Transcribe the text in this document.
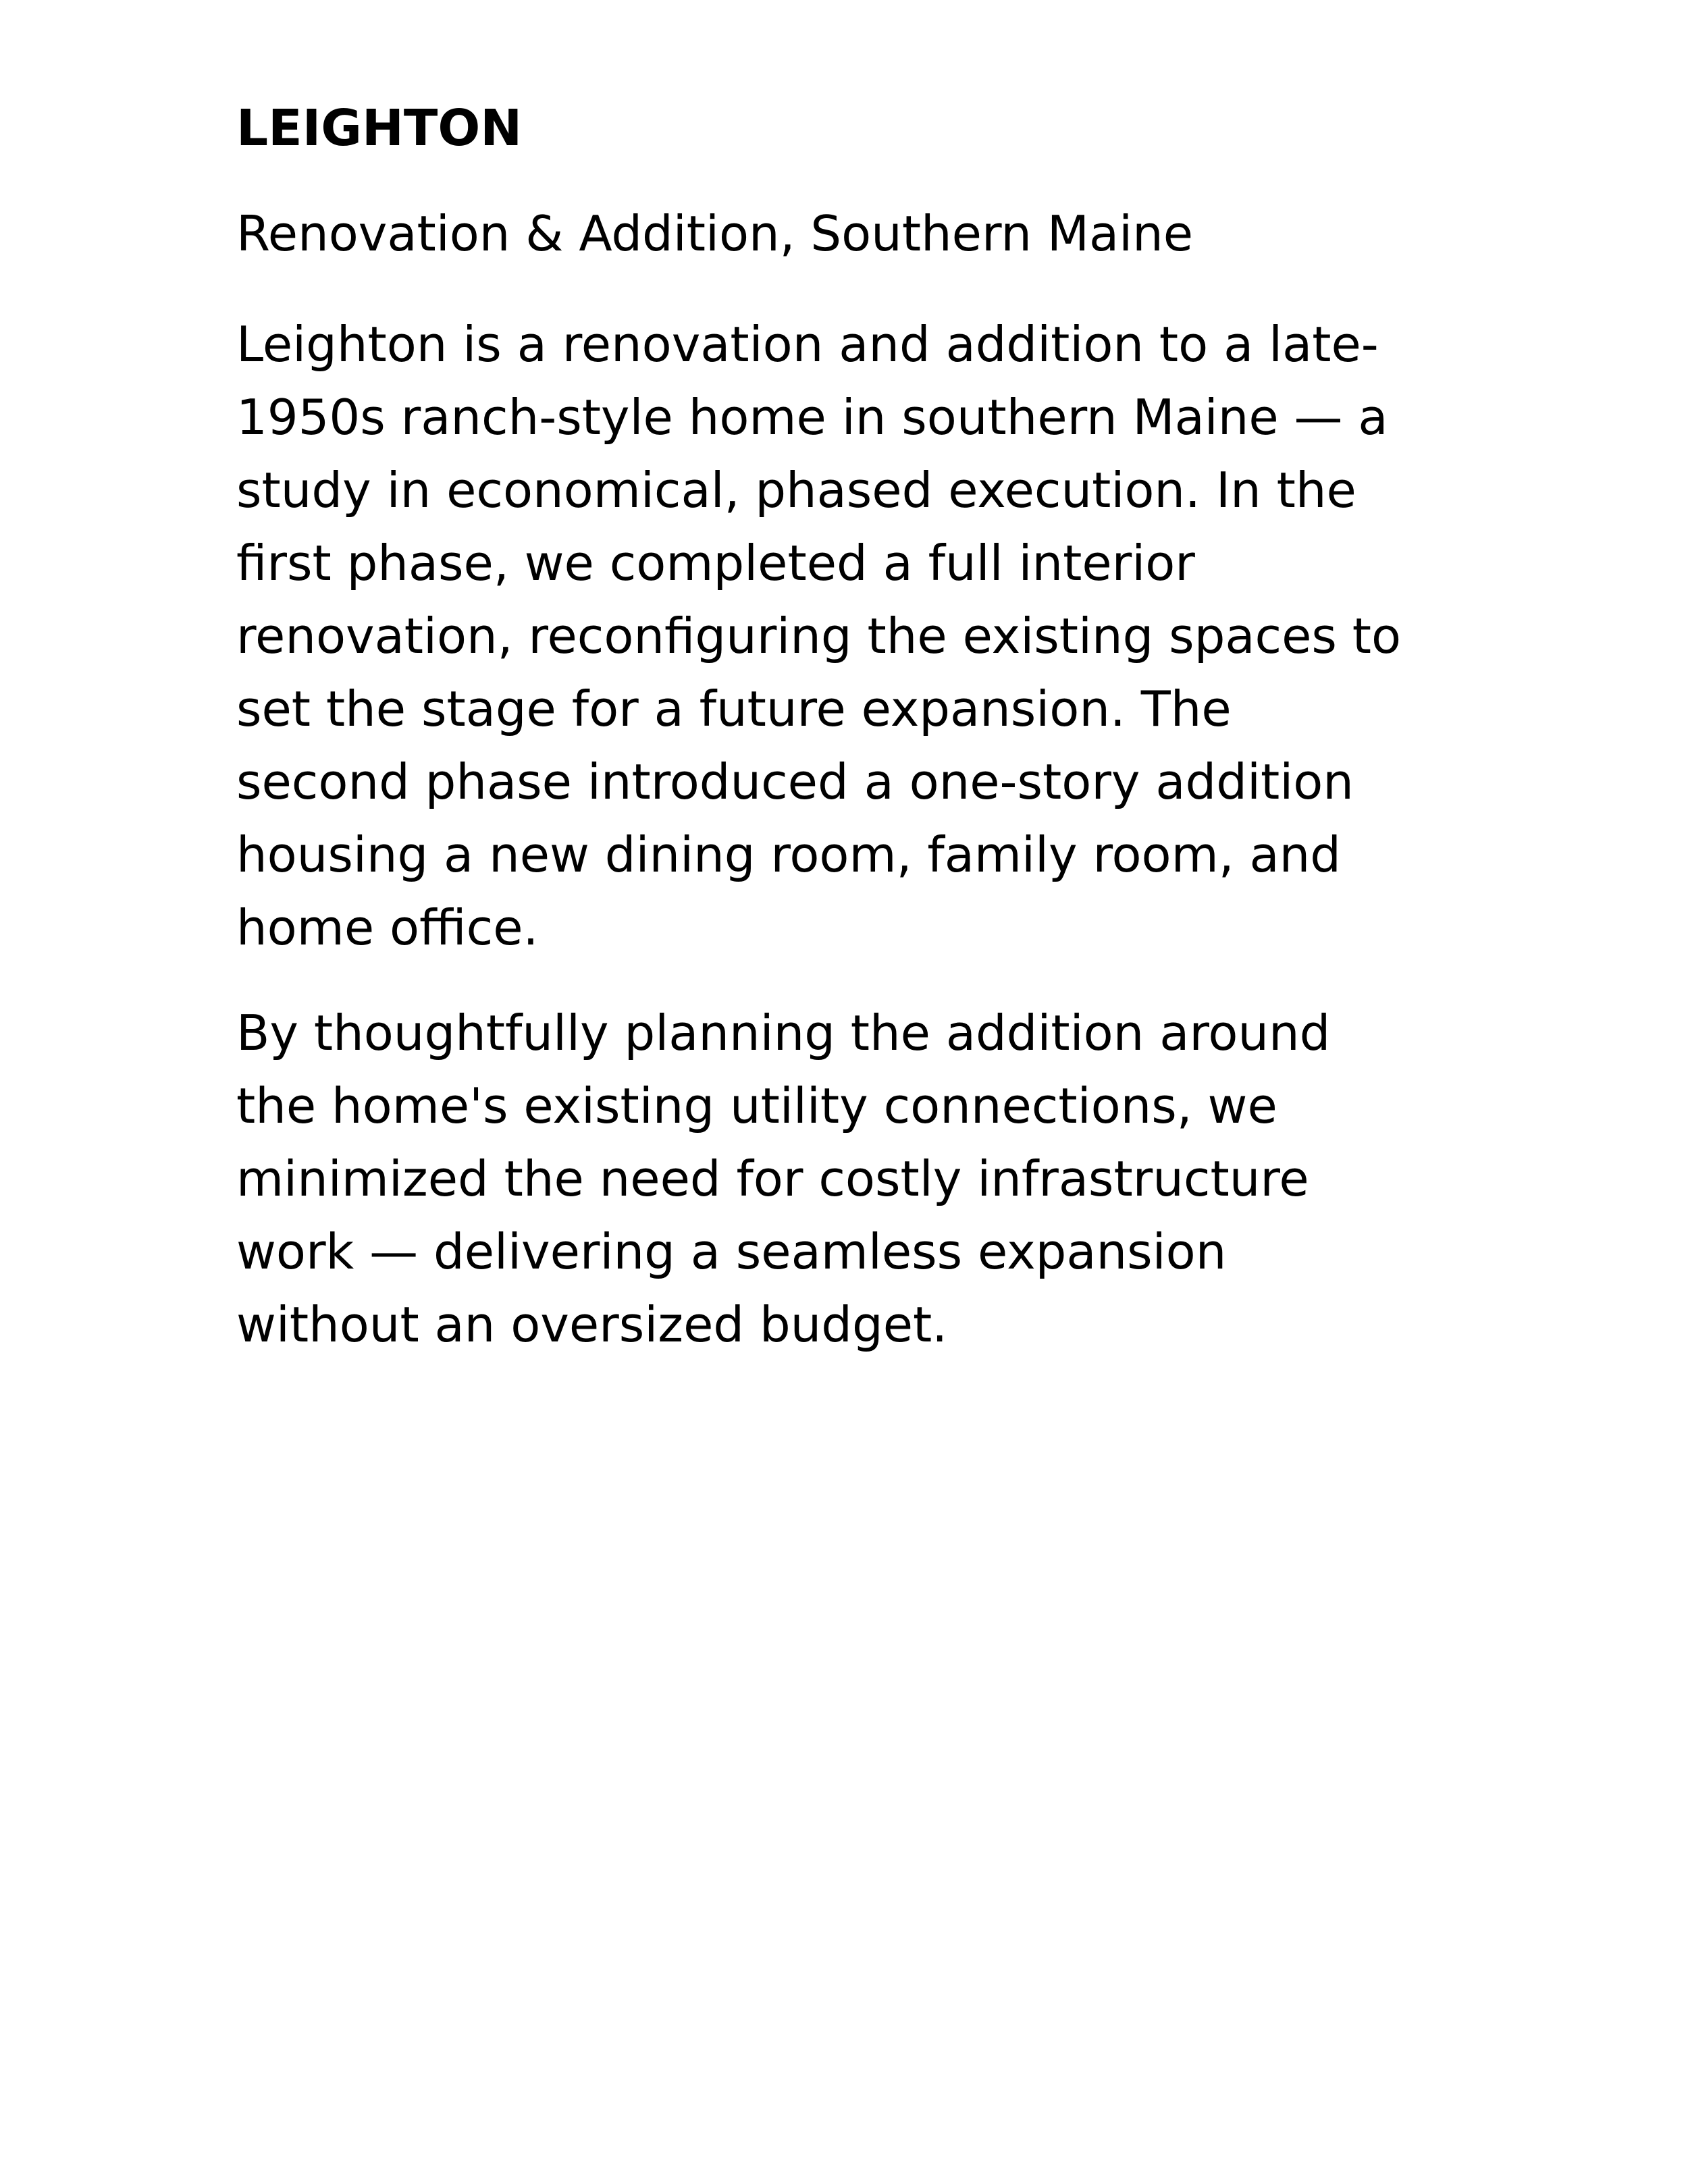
LEIGHTON

Renovation & Addition, Southern Maine

Leighton is a renovation and addition to a late-
1950s ranch-style home in southern Maine — a
study in economical, phased execution. In the
first phase, we completed a full interior
renovation, reconfiguring the existing spaces to
set the stage for a future expansion. The
second phase introduced a one-story addition
housing a new dining room, family room, and
home office.

By thoughtfully planning the addition around
the home's existing utility connections, we
minimized the need for costly infrastructure
work — delivering a seamless expansion
without an oversized budget.
